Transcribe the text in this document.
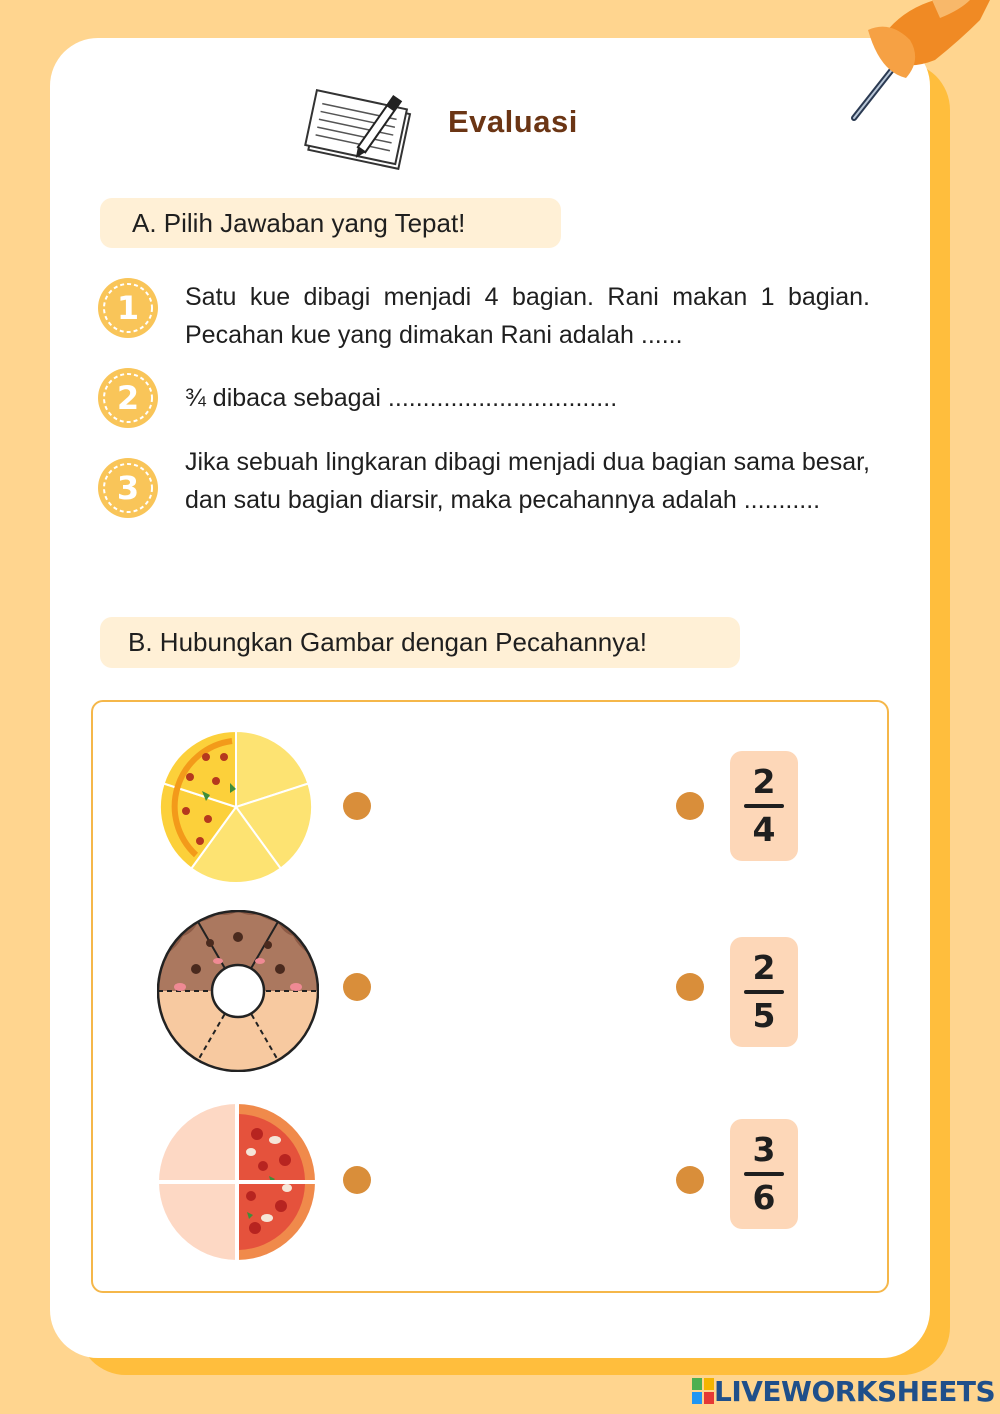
Evaluasi
A. Pilih Jawaban yang Tepat!
1 Satu kue dibagi menjadi 4 bagian. Rani makan 1 bagian. Pecahan kue yang dimakan Rani adalah ......
2 ¾ dibaca sebagai .................................
3
Jika sebuah lingkaran dibagi menjadi dua bagian sama besar, dan satu bagian diarsir, maka pecahannya adalah ...........
B. Hubungkan Gambar dengan Pecahannya!
2
4
2
5
3
6
LIVEWORKSHEETS
